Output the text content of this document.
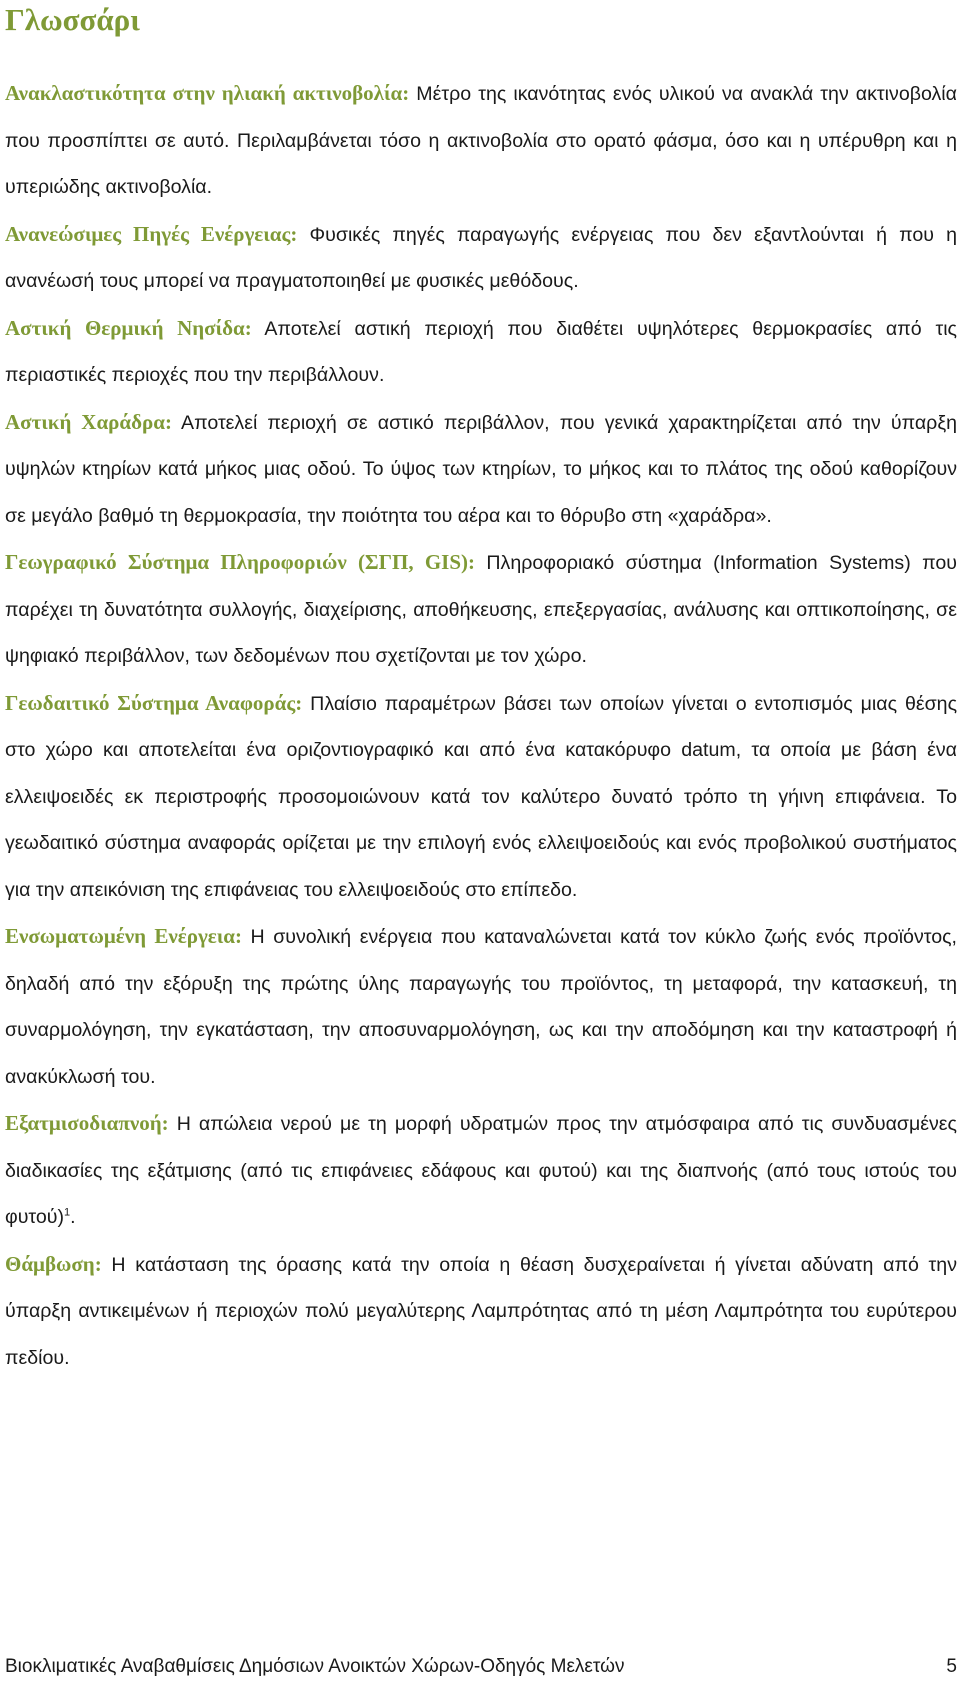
Γλωσσάρι

Ανακλαστικότητα στην ηλιακή ακτινοβολία: Μέτρο της ικανότητας ενός υλικού να ανακλά την ακτινοβολία που προσπίπτει σε αυτό. Περιλαμβάνεται τόσο η ακτινοβολία στο ορατό φάσμα, όσο και η υπέρυθρη και η υπεριώδης ακτινοβολία.

Ανανεώσιμες Πηγές Ενέργειας: Φυσικές πηγές παραγωγής ενέργειας που δεν εξαντλούνται ή που η ανανέωσή τους μπορεί να πραγματοποιηθεί με φυσικές μεθόδους.

Αστική Θερμική Νησίδα: Αποτελεί αστική περιοχή που διαθέτει υψηλότερες θερμοκρασίες από τις περιαστικές περιοχές που την περιβάλλουν.

Αστική Χαράδρα: Αποτελεί περιοχή σε αστικό περιβάλλον, που γενικά χαρακτηρίζεται από την ύπαρξη υψηλών κτηρίων κατά μήκος μιας οδού. Το ύψος των κτηρίων, το μήκος και το πλάτος της οδού καθορίζουν σε μεγάλο βαθμό τη θερμοκρασία, την ποιότητα του αέρα και το θόρυβο στη «χαράδρα».

Γεωγραφικό Σύστημα Πληροφοριών (ΣΓΠ, GIS): Πληροφοριακό σύστημα (Information Systems) που παρέχει τη δυνατότητα συλλογής, διαχείρισης, αποθήκευσης, επεξεργασίας, ανάλυσης και οπτικοποίησης, σε ψηφιακό περιβάλλον, των δεδομένων που σχετίζονται με τον χώρο.

Γεωδαιτικό Σύστημα Αναφοράς: Πλαίσιο παραμέτρων βάσει των οποίων γίνεται ο εντοπισμός μιας θέσης στο χώρο και αποτελείται ένα οριζοντιογραφικό και από ένα κατακόρυφο datum, τα οποία με βάση ένα ελλειψοειδές εκ περιστροφής προσομοιώνουν κατά τον καλύτερο δυνατό τρόπο τη γήινη επιφάνεια. Το γεωδαιτικό σύστημα αναφοράς ορίζεται με την επιλογή ενός ελλειψοειδούς και ενός προβολικού συστήματος για την απεικόνιση της επιφάνειας του ελλειψοειδούς στο επίπεδο.

Ενσωματωμένη Ενέργεια: Η συνολική ενέργεια που καταναλώνεται κατά τον κύκλο ζωής ενός προϊόντος, δηλαδή από την εξόρυξη της πρώτης ύλης παραγωγής του προϊόντος, τη μεταφορά, την κατασκευή, τη συναρμολόγηση, την εγκατάσταση, την αποσυναρμολόγηση, ως και την αποδόμηση και την καταστροφή ή ανακύκλωσή του.

Εξατμισοδιαπνοή: Η απώλεια νερού με τη μορφή υδρατμών προς την ατμόσφαιρα από τις συνδυασμένες διαδικασίες της εξάτμισης (από τις επιφάνειες εδάφους και φυτού) και της διαπνοής (από τους ιστούς του φυτού)$^1$.

Θάμβωση: Η κατάσταση της όρασης κατά την οποία η θέαση δυσχεραίνεται ή γίνεται αδύνατη από την ύπαρξη αντικειμένων ή περιοχών πολύ μεγαλύτερης Λαμπρότητας από τη μέση Λαμπρότητα του ευρύτερου πεδίου.

Βιοκλιματικές Αναβαθμίσεις Δημόσιων Ανοικτών Χώρων-Οδηγός Μελετών	5
